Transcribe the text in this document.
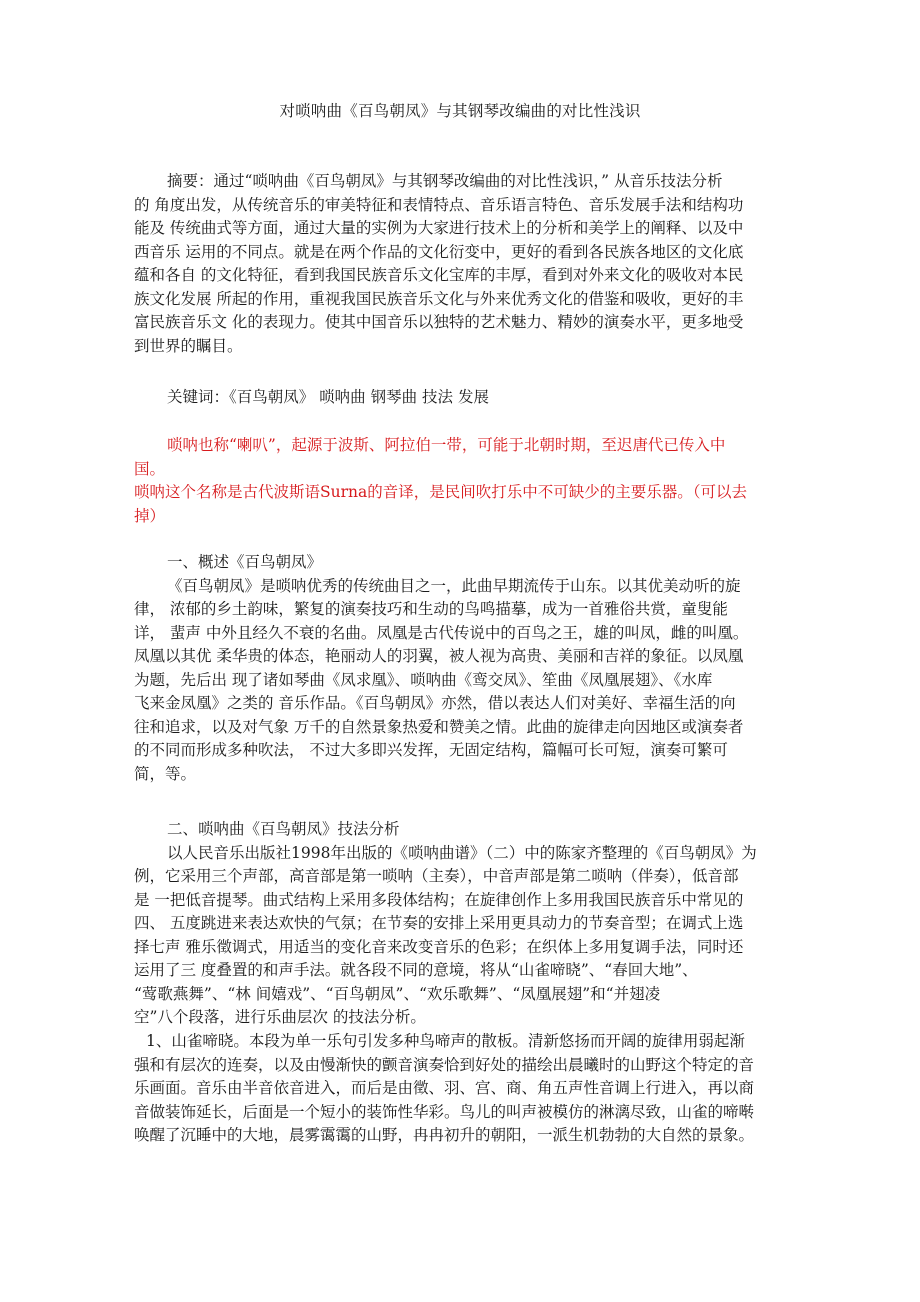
对唢呐曲《百鸟朝凤》与其钢琴改编曲的对比性浅识

摘要：通过“唢呐曲《百鸟朝凤》与其钢琴改编曲的对比性浅识，” 从音乐技法分析

的 角度出发，从传统音乐的审美特征和表情特点、音乐语言特色、音乐发展手法和结构功

能及 传统曲式等方面，通过大量的实例为大家进行技术上的分析和美学上的阐释、以及中

西音乐 运用的不同点。就是在两个作品的文化衍变中，更好的看到各民族各地区的文化底

蕴和各自 的文化特征，看到我国民族音乐文化宝库的丰厚，看到对外来文化的吸收对本民

族文化发展 所起的作用，重视我国民族音乐文化与外来优秀文化的借鉴和吸收，更好的丰

富民族音乐文 化的表现力。使其中国音乐以独特的艺术魅力、精妙的演奏水平，更多地受

到世界的瞩目。

关键词：《百鸟朝凤》 唢呐曲 钢琴曲 技法 发展

唢呐也称“喇叭”，起源于波斯、阿拉伯一带，可能于北朝时期，至迟唐代已传入中

国。

唢呐这个名称是古代波斯语Surna的音译，是民间吹打乐中不可缺少的主要乐器。（可以去

掉）

一、概述《百鸟朝凤》

《百鸟朝凤》是唢呐优秀的传统曲目之一，此曲早期流传于山东。以其优美动听的旋

律， 浓郁的乡土韵味，繁复的演奏技巧和生动的鸟鸣描摹，成为一首雅俗共赏，童叟能

详， 蜚声 中外且经久不衰的名曲。凤凰是古代传说中的百鸟之王，雄的叫凤，雌的叫凰。

凤凰以其优 柔华贵的体态，艳丽动人的羽翼，被人视为高贵、美丽和吉祥的象征。以凤凰

为题，先后出 现了诸如琴曲《凤求凰》、唢呐曲《鸾交凤》、笙曲《凤凰展翅》、《水库

飞来金凤凰》之类的 音乐作品。《百鸟朝凤》亦然，借以表达人们对美好、幸福生活的向

往和追求，以及对气象 万千的自然景象热爱和赞美之情。此曲的旋律走向因地区或演奏者

的不同而形成多种吹法， 不过大多即兴发挥，无固定结构，篇幅可长可短，演奏可繁可

简，等。

二、唢呐曲《百鸟朝凤》技法分析

以人民音乐出版社1998年出版的《唢呐曲谱》（二）中的陈家齐整理的《百鸟朝凤》为

例，它采用三个声部，高音部是第一唢呐（主奏），中音声部是第二唢呐（伴奏），低音部

是 一把低音提琴。曲式结构上采用多段体结构；在旋律创作上多用我国民族音乐中常见的

四、 五度跳进来表达欢快的气氛；在节奏的安排上采用更具动力的节奏音型；在调式上选

择七声 雅乐徵调式，用适当的变化音来改变音乐的色彩；在织体上多用复调手法，同时还

运用了三 度叠置的和声手法。就各段不同的意境，将从“山雀啼晓”、“春回大地”、

“莺歌燕舞”、“林 间嬉戏”、“百鸟朝凤”、“欢乐歌舞”、“凤凰展翅”和“并翅凌

空”八个段落，进行乐曲层次 的技法分析。

1、山雀啼晓。本段为单一乐句引发多种鸟啼声的散板。清新悠扬而开阔的旋律用弱起渐

强和有层次的连奏，以及由慢渐快的颤音演奏恰到好处的描绘出晨曦时的山野这个特定的音

乐画面。音乐由半音依音进入，而后是由徵、羽、宫、商、角五声性音调上行进入，再以商

音做装饰延长，后面是一个短小的装饰性华彩。鸟儿的叫声被模仿的淋漓尽致，山雀的啼啭

唤醒了沉睡中的大地，晨雾霭霭的山野，冉冉初升的朝阳，一派生机勃勃的大自然的景象。
